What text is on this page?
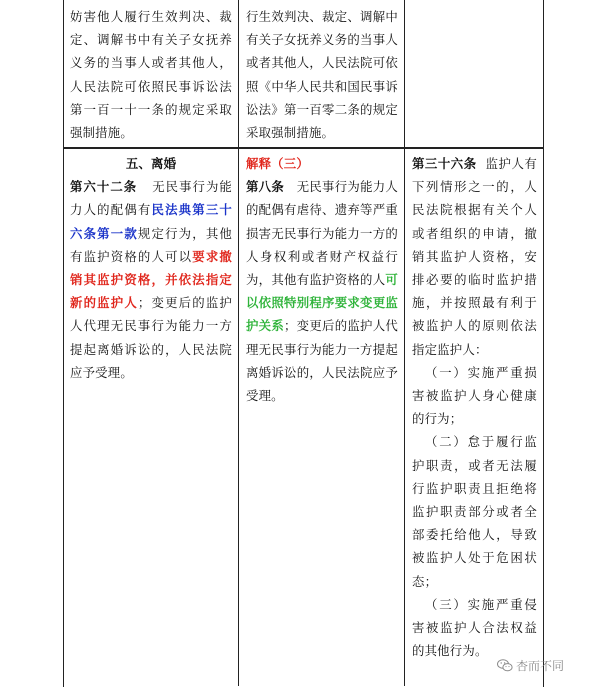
妨害他人履行生效判决、裁定、调解书中有关子女抚养义务的当事人或者其他人，人民法院可依照民事诉讼法第一百一十一条的规定采取强制措施。
行生效判决、裁定、调解中有关子女抚养义务的当事人或者其他人，人民法院可依照《中华人民共和国民事诉讼法》第一百零二条的规定采取强制措施。
五、离婚
第六十二条 无民事行为能力人的配偶有民法典第三十六条第一款规定行为，其他有监护资格的人可以要求撤销其监护资格，并依法指定新的监护人；变更后的监护人代理无民事行为能力一方提起离婚诉讼的，人民法院应予受理。
解释（三）
第八条 无民事行为能力人的配偶有虐待、遗弃等严重损害无民事行为能力一方的人身权利或者财产权益行为，其他有监护资格的人可以依照特别程序要求变更监护关系；变更后的监护人代理无民事行为能力一方提起离婚诉讼的，人民法院应予受理。
第三十六条 监护人有下列情形之一的，人民法院根据有关个人或者组织的申请，撤销其监护人资格，安排必要的临时监护措施，并按照最有利于被监护人的原则依法指定监护人：
（一）实施严重损害被监护人身心健康的行为；
（二）怠于履行监护职责，或者无法履行监护职责且拒绝将监护职责部分或者全部委托给他人，导致被监护人处于危困状态；
（三）实施严重侵害被监护人合法权益的其他行为。
杏而不同
